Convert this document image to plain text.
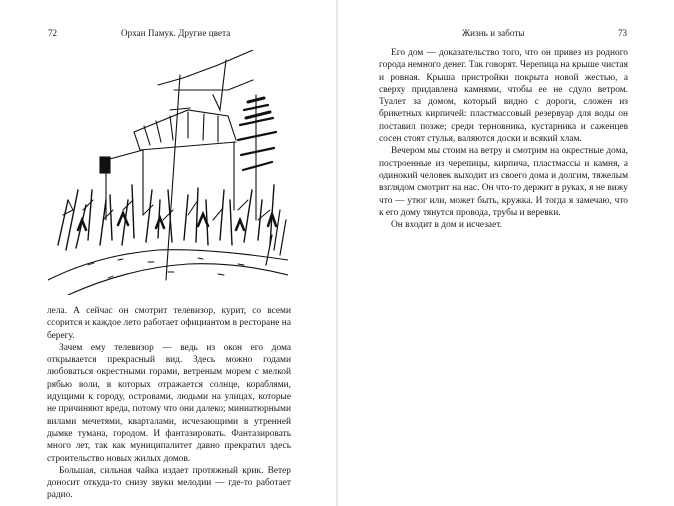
72	Орхан Памук. Другие цвета

лела. А сейчас он смотрит телевизор, курит, со всеми ссорится и каждое лето работает официантом в ресторане на берегу.

Зачем ему телевизор — ведь из окон его дома открывается прекрасный вид. Здесь можно годами любоваться окрестными горами, ветреным морем с мелкой рябью воли, в которых отражается солнце, кораблями, идущими к городу, островами, людьми на улицах, которые не причиняют вреда, потому что они далеко; миниатюрными вилами мечетями, кварталами, исчезающими в утренней дымке тумана, городом. И фантазировать. Фантазировать много лет, так как муниципалитет давно прекратил здесь строительство новых жилых домов.

Большая, сильная чайка издает протяжный крик. Ветер доносит откуда-то снизу звуки мелодии — где-то работает радио.

Жизнь и заботы	73

Его дом — доказательство того, что он привез из родного города немного денег. Так говорят. Черепица на крыше чистая и ровная. Крыша пристройки покрыта новой жестью, а сверху придавлена камнями, чтобы ее не сдуло ветром. Туалет за домом, который видно с дороги, сложен из брикетных кирпичей: пластмассовый резервуар для воды он поставил позже; среди терновника, кустарника и саженцев сосен стоят стулья, валяются доски и всякий хлам.

Вечером мы стоим на ветру и смотрим на окрестные дома, построенные из черепицы, кирпича, пластмассы и камня, а одинокий человек выходит из своего дома и долгим, тяжелым взглядом смотрит на нас. Он что-то держит в руках, я не вижу что — утюг или, может быть, кружка. И тогда я замечаю, что к его дому тянутся провода, трубы и веревки.

Он входит в дом и исчезает.
